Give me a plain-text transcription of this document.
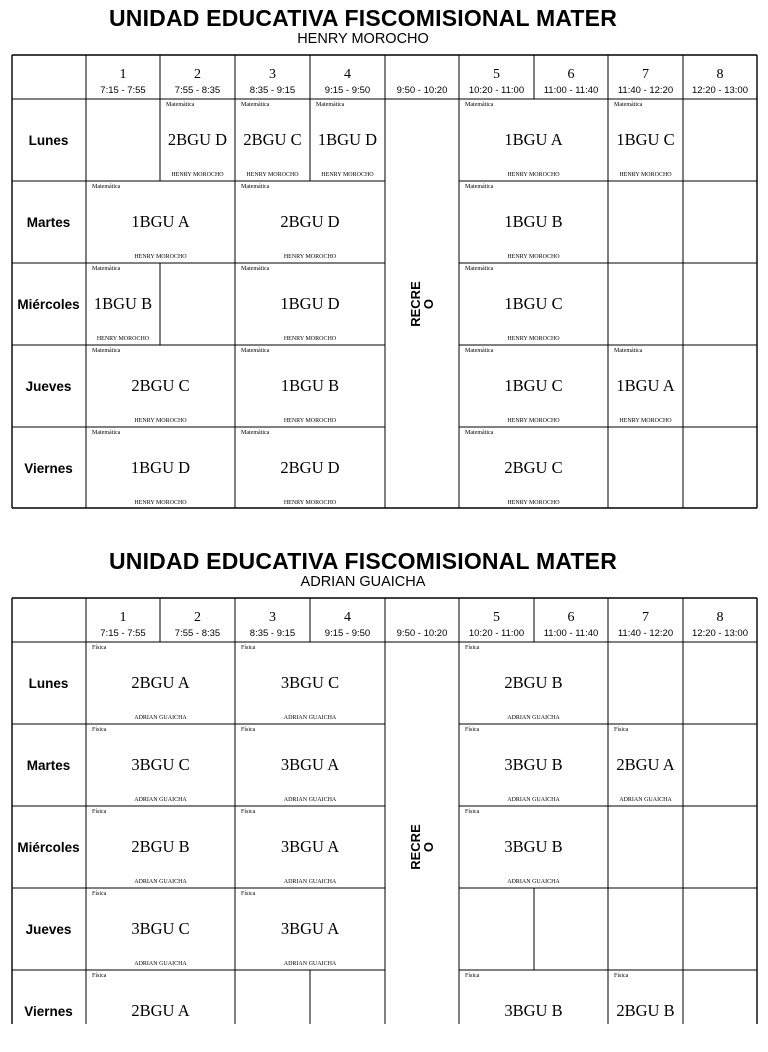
UNIDAD EDUCATIVA FISCOMISIONAL MATER
HENRY MOROCHO
1
7:15 - 7:55
2
7:55 - 8:35
3
8:35 - 9:15
4
9:15 - 9:50	9:50 - 10:20
5
10:20 - 11:00
6
11:00 - 11:40
7
11:40 - 12:20
8
12:20 - 13:00
RECRE
O
Lunes
Matemática
2BGU D
HENRY MOROCHO
Matemática
2BGU C
HENRY MOROCHO
Matemática
1BGU D
HENRY MOROCHO
Matemática
1BGU A
HENRY MOROCHO
Matemática
1BGU C
HENRY MOROCHO
Martes
Matemática
1BGU A
HENRY MOROCHO
Matemática
2BGU D
HENRY MOROCHO
Matemática
1BGU B
HENRY MOROCHO
Miércoles
Matemática
1BGU B
HENRY MOROCHO
Matemática
1BGU D
HENRY MOROCHO
Matemática
1BGU C
HENRY MOROCHO
Jueves
Matemática
2BGU C
HENRY MOROCHO
Matemática
1BGU B
HENRY MOROCHO
Matemática
1BGU C
HENRY MOROCHO
Matemática
1BGU A
HENRY MOROCHO
Viernes
Matemática
1BGU D
HENRY MOROCHO
Matemática
2BGU D
HENRY MOROCHO
Matemática
2BGU C
HENRY MOROCHO
UNIDAD EDUCATIVA FISCOMISIONAL MATER
ADRIAN GUAICHA
1
7:15 - 7:55
2
7:55 - 8:35
3
8:35 - 9:15
4
9:15 - 9:50	9:50 - 10:20
5
10:20 - 11:00
6
11:00 - 11:40
7
11:40 - 12:20
8
12:20 - 13:00
RECRE
O
Lunes
Física
2BGU A
ADRIAN GUAICHA
Física
3BGU C
ADRIAN GUAICHA
Física
2BGU B
ADRIAN GUAICHA
Martes
Física
3BGU C
ADRIAN GUAICHA
Física
3BGU A
ADRIAN GUAICHA
Física
3BGU B
ADRIAN GUAICHA
Física
2BGU A
ADRIAN GUAICHA
Miércoles
Física
2BGU B
ADRIAN GUAICHA
Física
3BGU A
ADRIAN GUAICHA
Física
3BGU B
ADRIAN GUAICHA
Jueves
Física
3BGU C
ADRIAN GUAICHA
Física
3BGU A
ADRIAN GUAICHA
Viernes
Física
2BGU A
Física
3BGU B
Física
2BGU B
